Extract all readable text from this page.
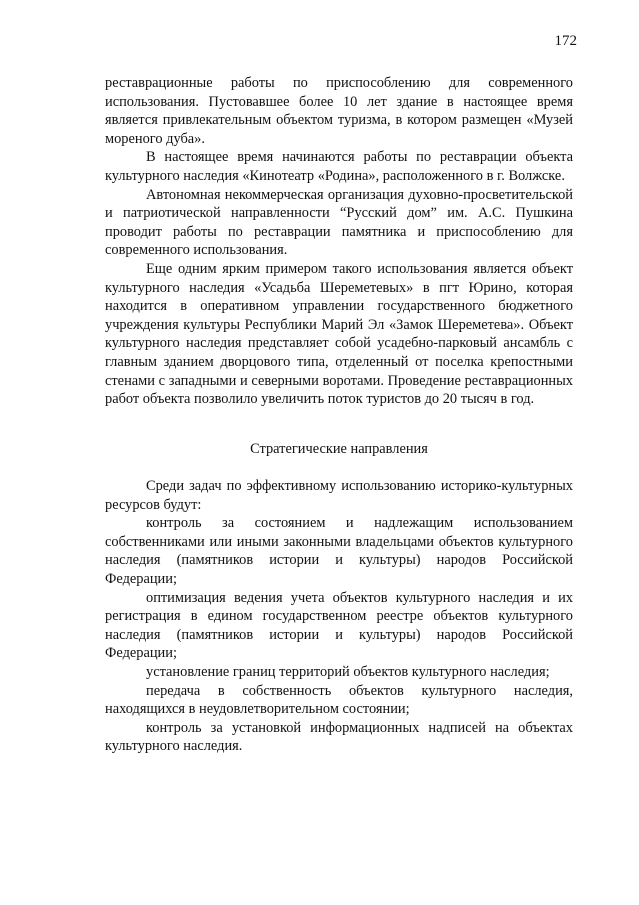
172

реставрационные работы по приспособлению для современного использования. Пустовавшее более 10 лет здание в настоящее время является привлекательным объектом туризма, в котором размещен «Музей мореного дуба».

В настоящее время начинаются работы по реставрации объекта культурного наследия «Кинотеатр «Родина», расположенного в г. Волжске.

Автономная некоммерческая организация духовно-просветительской и патриотической направленности “Русский дом” им. А.С. Пушкина проводит работы по реставрации памятника и приспособлению для современного использования.

Еще одним ярким примером такого использования является объект культурного наследия «Усадьба Шереметевых» в пгт Юрино, которая находится в оперативном управлении государственного бюджетного учреждения культуры Республики Марий Эл «Замок Шереметева». Объект культурного наследия представляет собой усадебно-парковый ансамбль с главным зданием дворцового типа, отделенный от поселка крепостными стенами с западными и северными воротами. Проведение реставрационных работ объекта позволило увеличить поток туристов до 20 тысяч в год.

Стратегические направления

Среди задач по эффективному использованию историко-культурных ресурсов будут:

контроль за состоянием и надлежащим использованием собственниками или иными законными владельцами объектов культурного наследия (памятников истории и культуры) народов Российской Федерации;

оптимизация ведения учета объектов культурного наследия и их регистрация в едином государственном реестре объектов культурного наследия (памятников истории и культуры) народов Российской Федерации;

установление границ территорий объектов культурного наследия;

передача в собственность объектов культурного наследия, находящихся в неудовлетворительном состоянии;

контроль за установкой информационных надписей на объектах культурного наследия.
